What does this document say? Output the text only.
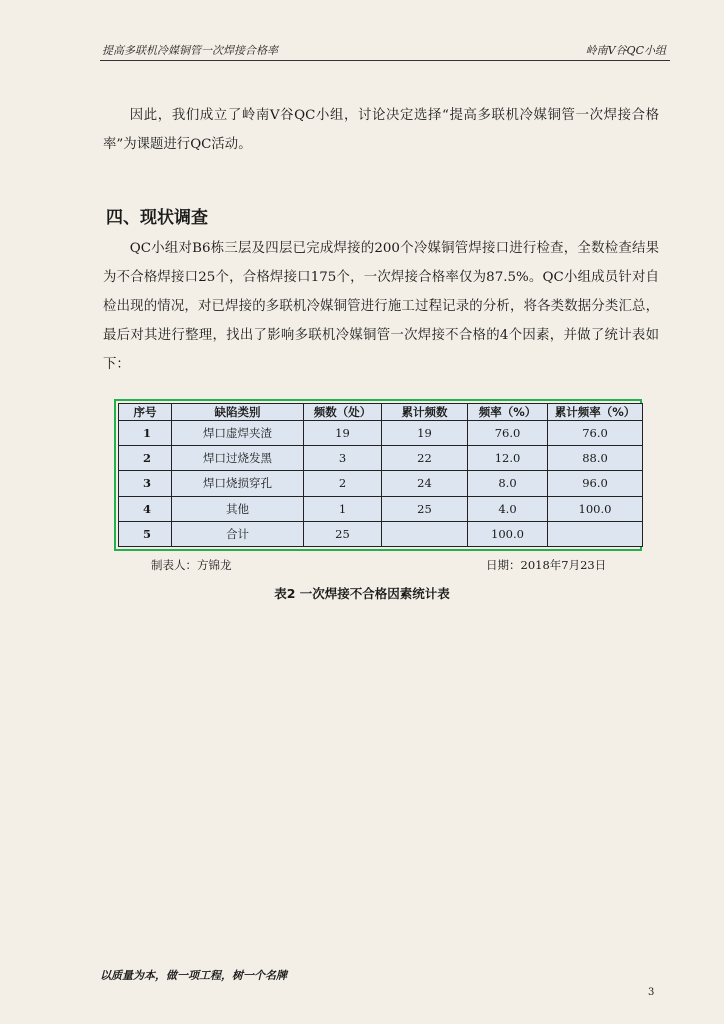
提高多联机冷媒铜管一次焊接合格率	岭南V谷QC小组

因此，我们成立了岭南V谷QC小组，讨论决定选择“提高多联机冷媒铜管一次焊接合格率”为课题进行QC活动。

四、现状调查

QC小组对B6栋三层及四层已完成焊接的200个冷媒铜管焊接口进行检查，全数检查结果为不合格焊接口25个，合格焊接口175个，一次焊接合格率仅为87.5%。QC小组成员针对自检出现的情况，对已焊接的多联机冷媒铜管进行施工过程记录的分析，将各类数据分类汇总，最后对其进行整理，找出了影响多联机冷媒铜管一次焊接不合格的4个因素，并做了统计表如下：

序号	缺陷类别	频数（处）	累计频数	频率（%）	累计频率（%）
1	焊口虚焊夹渣	19	19	76.0	76.0
2	焊口过烧发黑	3	22	12.0	88.0
3	焊口烧损穿孔	2	24	8.0	96.0
4	其他	1	25	4.0	100.0
5	合计	25		100.0	
制表人：方锦龙	日期：2018年7月23日

表2 一次焊接不合格因素统计表

以质量为本，做一项工程，树一个名牌
3
